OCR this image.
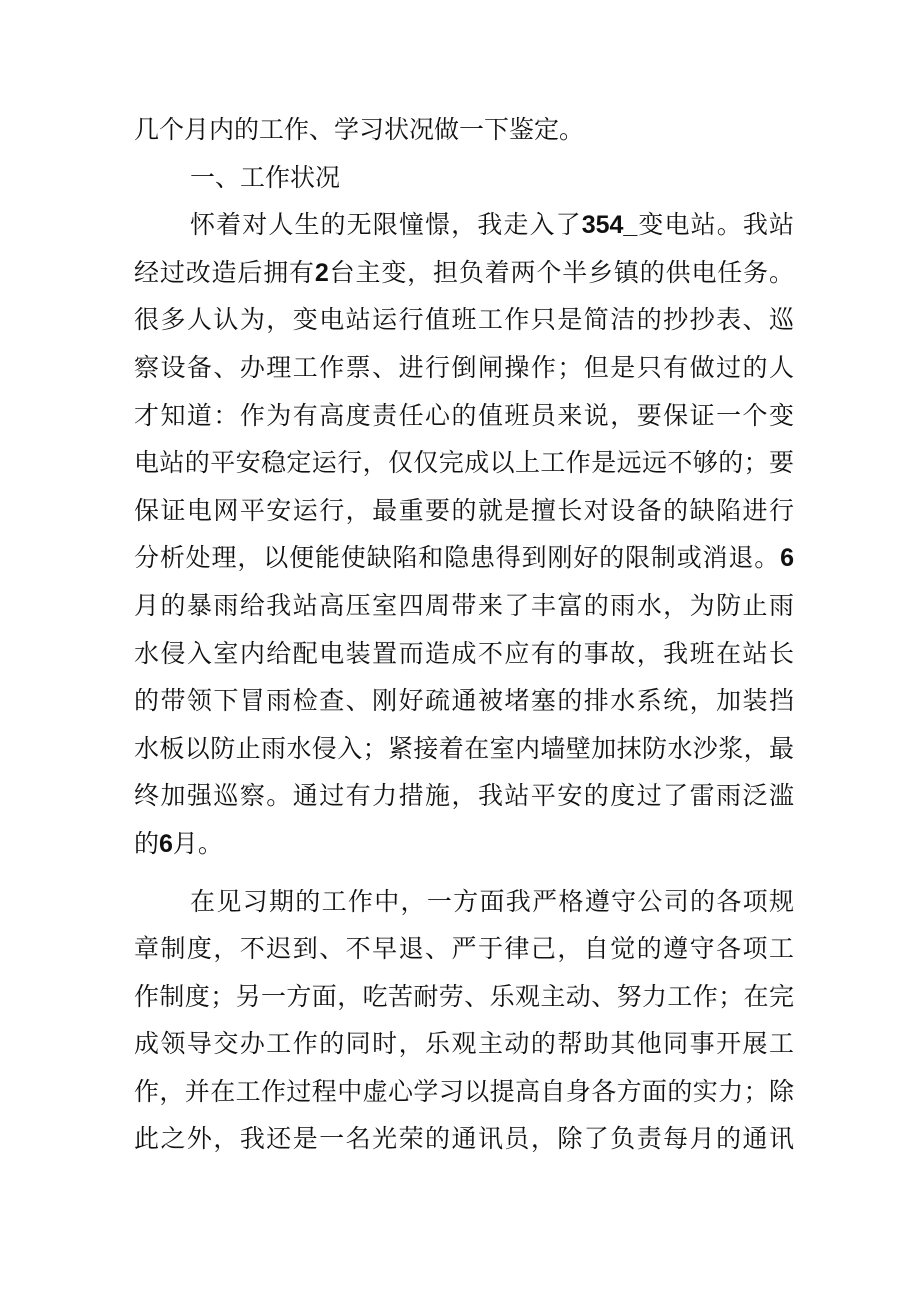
几个月内的工作、学习状况做一下鉴定。
一、工作状况
怀着对人生的无限憧憬，我走入了354_变电站。我站
经过改造后拥有2台主变，担负着两个半乡镇的供电任务。
很多人认为，变电站运行值班工作只是简洁的抄抄表、巡
察设备、办理工作票、进行倒闸操作；但是只有做过的人
才知道：作为有高度责任心的值班员来说，要保证一个变
电站的平安稳定运行，仅仅完成以上工作是远远不够的；要
保证电网平安运行，最重要的就是擅长对设备的缺陷进行
分析处理，以便能使缺陷和隐患得到刚好的限制或消退。6
月的暴雨给我站高压室四周带来了丰富的雨水，为防止雨
水侵入室内给配电装置而造成不应有的事故，我班在站长
的带领下冒雨检查、刚好疏通被堵塞的排水系统，加装挡
水板以防止雨水侵入；紧接着在室内墙壁加抹防水沙浆，最
终加强巡察。通过有力措施，我站平安的度过了雷雨泛滥
的6月。
在见习期的工作中，一方面我严格遵守公司的各项规
章制度，不迟到、不早退、严于律己，自觉的遵守各项工
作制度；另一方面，吃苦耐劳、乐观主动、努力工作；在完
成领导交办工作的同时，乐观主动的帮助其他同事开展工
作，并在工作过程中虚心学习以提高自身各方面的实力；除
此之外，我还是一名光荣的通讯员，除了负责每月的通讯
